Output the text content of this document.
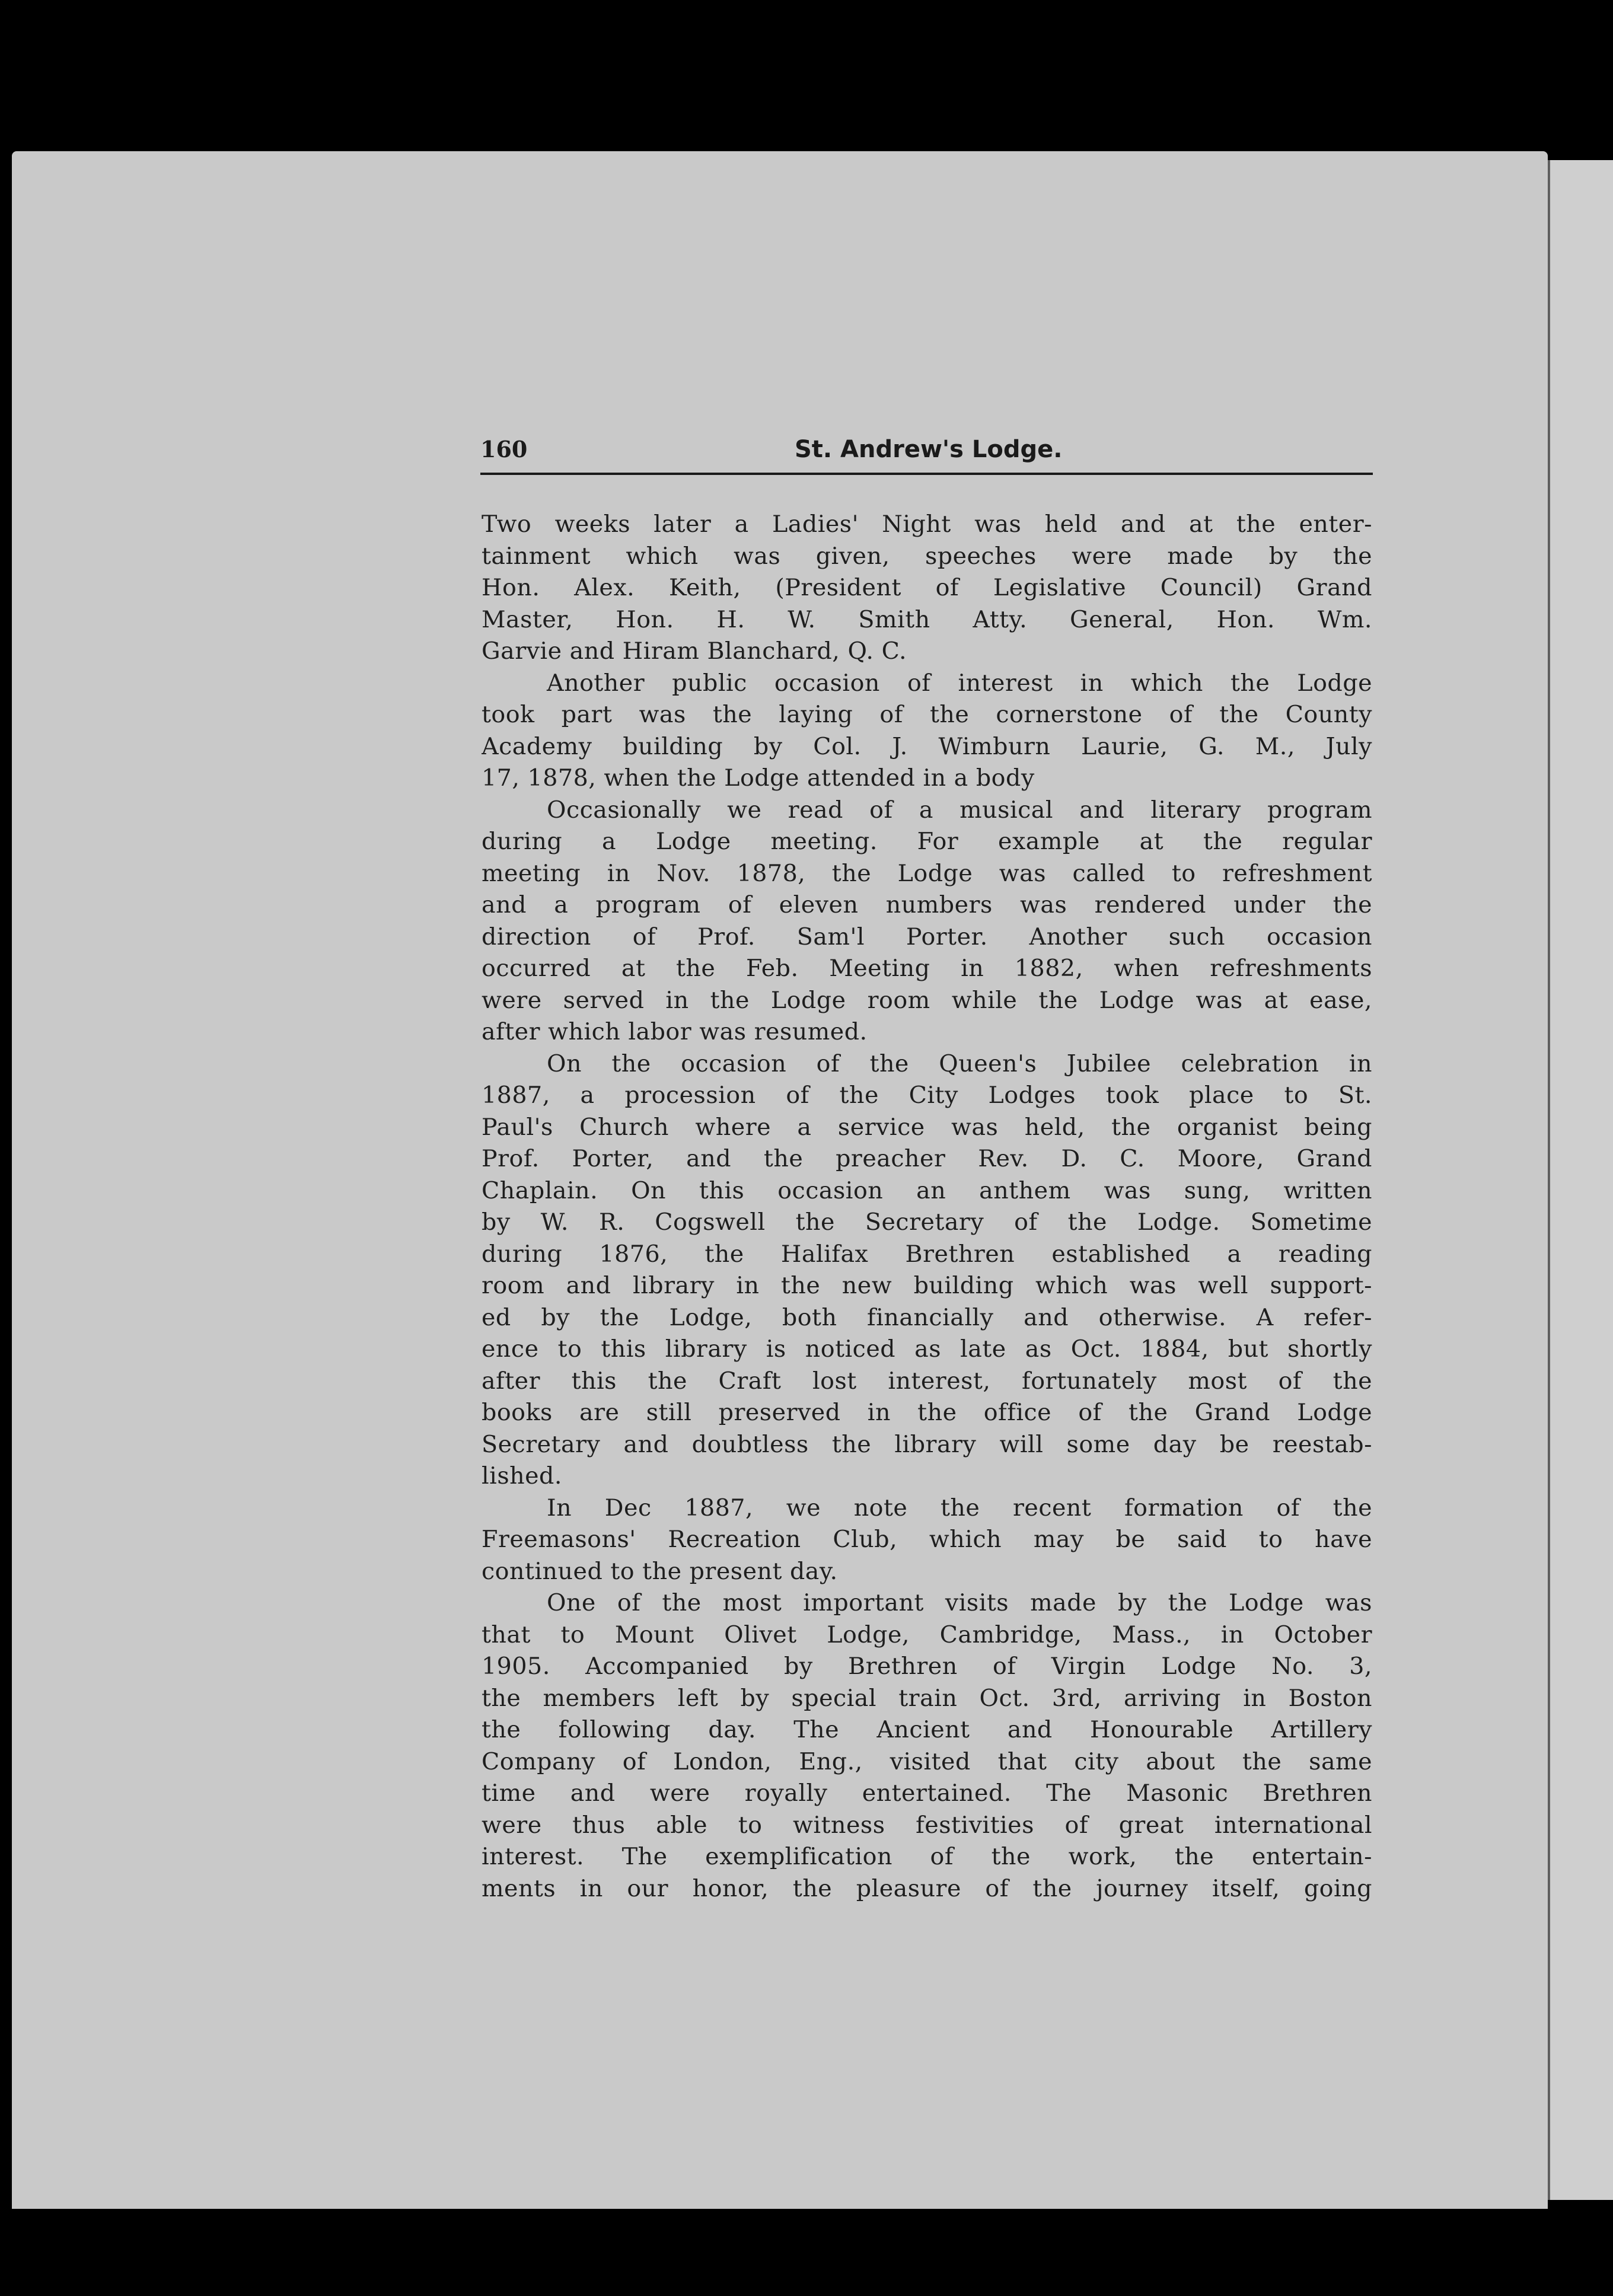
160	St. Andrew's Lodge.

Two weeks later a Ladies' Night was held and at the enter-
tainment which was given, speeches were made by the
Hon. Alex. Keith, (President of Legislative Council) Grand
Master, Hon. H. W. Smith Atty. General, Hon. Wm.
Garvie and Hiram Blanchard, Q. C.

Another public occasion of interest in which the Lodge
took part was the laying of the cornerstone of the County
Academy building by Col. J. Wimburn Laurie, G. M., July
17, 1878, when the Lodge attended in a body

Occasionally we read of a musical and literary program
during a Lodge meeting. For example at the regular
meeting in Nov. 1878, the Lodge was called to refreshment
and a program of eleven numbers was rendered under the
direction of Prof. Sam'l Porter. Another such occasion
occurred at the Feb. Meeting in 1882, when refreshments
were served in the Lodge room while the Lodge was at ease,
after which labor was resumed.

On the occasion of the Queen's Jubilee celebration in
1887, a procession of the City Lodges took place to St.
Paul's Church where a service was held, the organist being
Prof. Porter, and the preacher Rev. D. C. Moore, Grand
Chaplain. On this occasion an anthem was sung, written
by W. R. Cogswell the Secretary of the Lodge. Sometime
during 1876, the Halifax Brethren established a reading
room and library in the new building which was well support-
ed by the Lodge, both financially and otherwise. A refer-
ence to this library is noticed as late as Oct. 1884, but shortly
after this the Craft lost interest, fortunately most of the
books are still preserved in the office of the Grand Lodge
Secretary and doubtless the library will some day be reestab-
lished.

In Dec 1887, we note the recent formation of the
Freemasons' Recreation Club, which may be said to have
continued to the present day.

One of the most important visits made by the Lodge was
that to Mount Olivet Lodge, Cambridge, Mass., in October
1905. Accompanied by Brethren of Virgin Lodge No. 3,
the members left by special train Oct. 3rd, arriving in Boston
the following day. The Ancient and Honourable Artillery
Company of London, Eng., visited that city about the same
time and were royally entertained. The Masonic Brethren
were thus able to witness festivities of great international
interest. The exemplification of the work, the entertain-
ments in our honor, the pleasure of the journey itself, going
